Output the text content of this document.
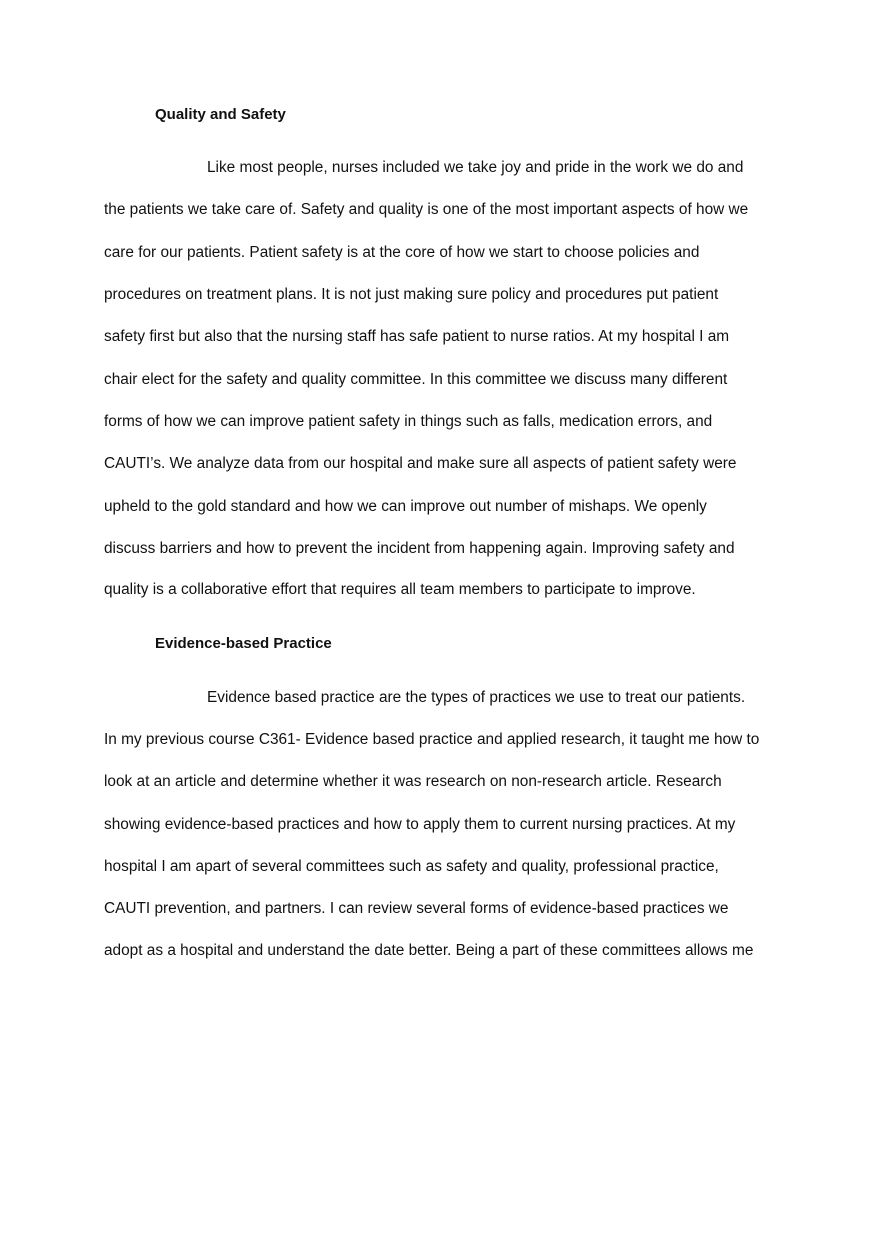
Quality and Safety
Like most people, nurses included we take joy and pride in the work we do and
the patients we take care of. Safety and quality is one of the most important aspects of how we
care for our patients. Patient safety is at the core of how we start to choose policies and
procedures on treatment plans. It is not just making sure policy and procedures put patient
safety first but also that the nursing staff has safe patient to nurse ratios. At my hospital I am
chair elect for the safety and quality committee. In this committee we discuss many different
forms of how we can improve patient safety in things such as falls, medication errors, and
CAUTI’s. We analyze data from our hospital and make sure all aspects of patient safety were
upheld to the gold standard and how we can improve out number of mishaps. We openly
discuss barriers and how to prevent the incident from happening again. Improving safety and
quality is a collaborative effort that requires all team members to participate to improve.
Evidence-based Practice
Evidence based practice are the types of practices we use to treat our patients.
In my previous course C361- Evidence based practice and applied research, it taught me how to
look at an article and determine whether it was research on non-research article. Research
showing evidence-based practices and how to apply them to current nursing practices. At my
hospital I am apart of several committees such as safety and quality, professional practice,
CAUTI prevention, and partners. I can review several forms of evidence-based practices we
adopt as a hospital and understand the date better. Being a part of these committees allows me
